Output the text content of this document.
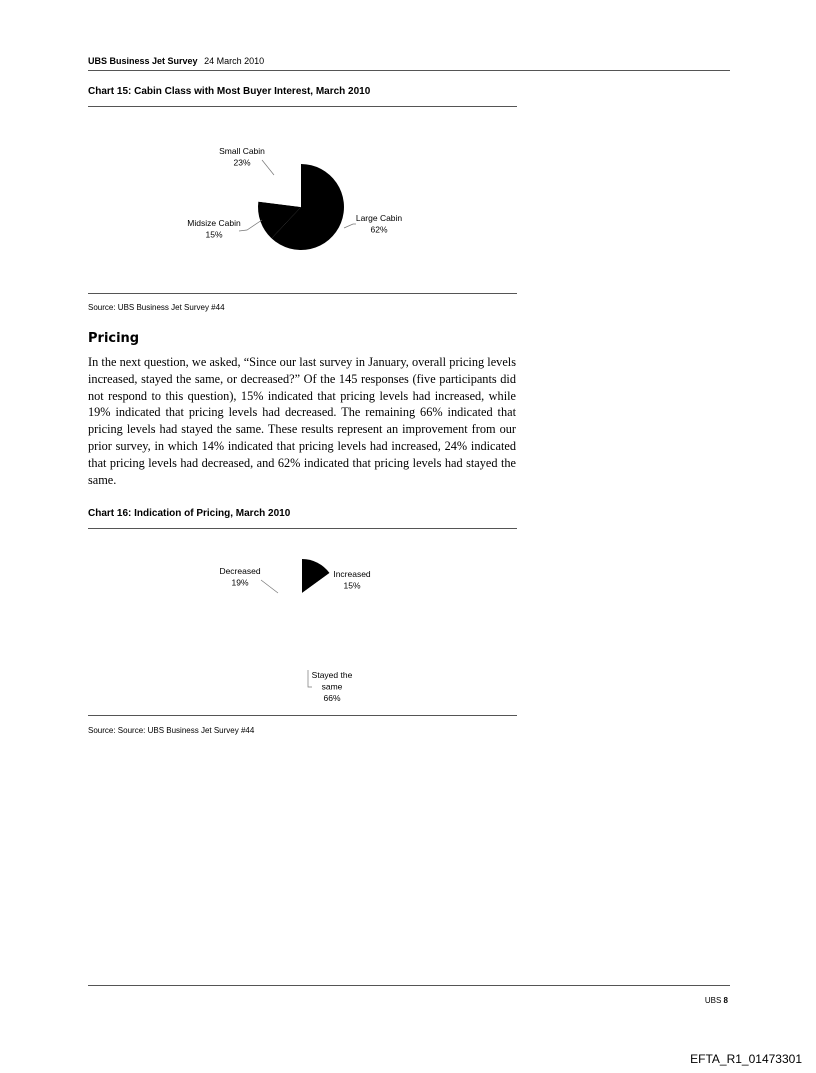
UBS Business Jet Survey 24 March 2010
Chart 15: Cabin Class with Most Buyer Interest, March 2010
Large Cabin 62%
Midsize Cabin 15%
Small Cabin 23%
Source: UBS Business Jet Survey #44
Pricing

In the next question, we asked, “Since our last survey in January, overall pricing levels increased, stayed the same, or decreased?” Of the 145 responses (five participants did not respond to this question), 15% indicated that pricing levels had increased, while 19% indicated that pricing levels had decreased. The remaining 66% indicated that pricing levels had stayed the same. These results represent an improvement from our prior survey, in which 14% indicated that pricing levels had increased, 24% indicated that pricing levels had decreased, and 62% indicated that pricing levels had stayed the same.

Chart 16: Indication of Pricing, March 2010
Increased 15%
Stayed the same 66%
Decreased 19%
Source: Source: UBS Business Jet Survey #44
UBS 8
EFTA_R1_01473301
